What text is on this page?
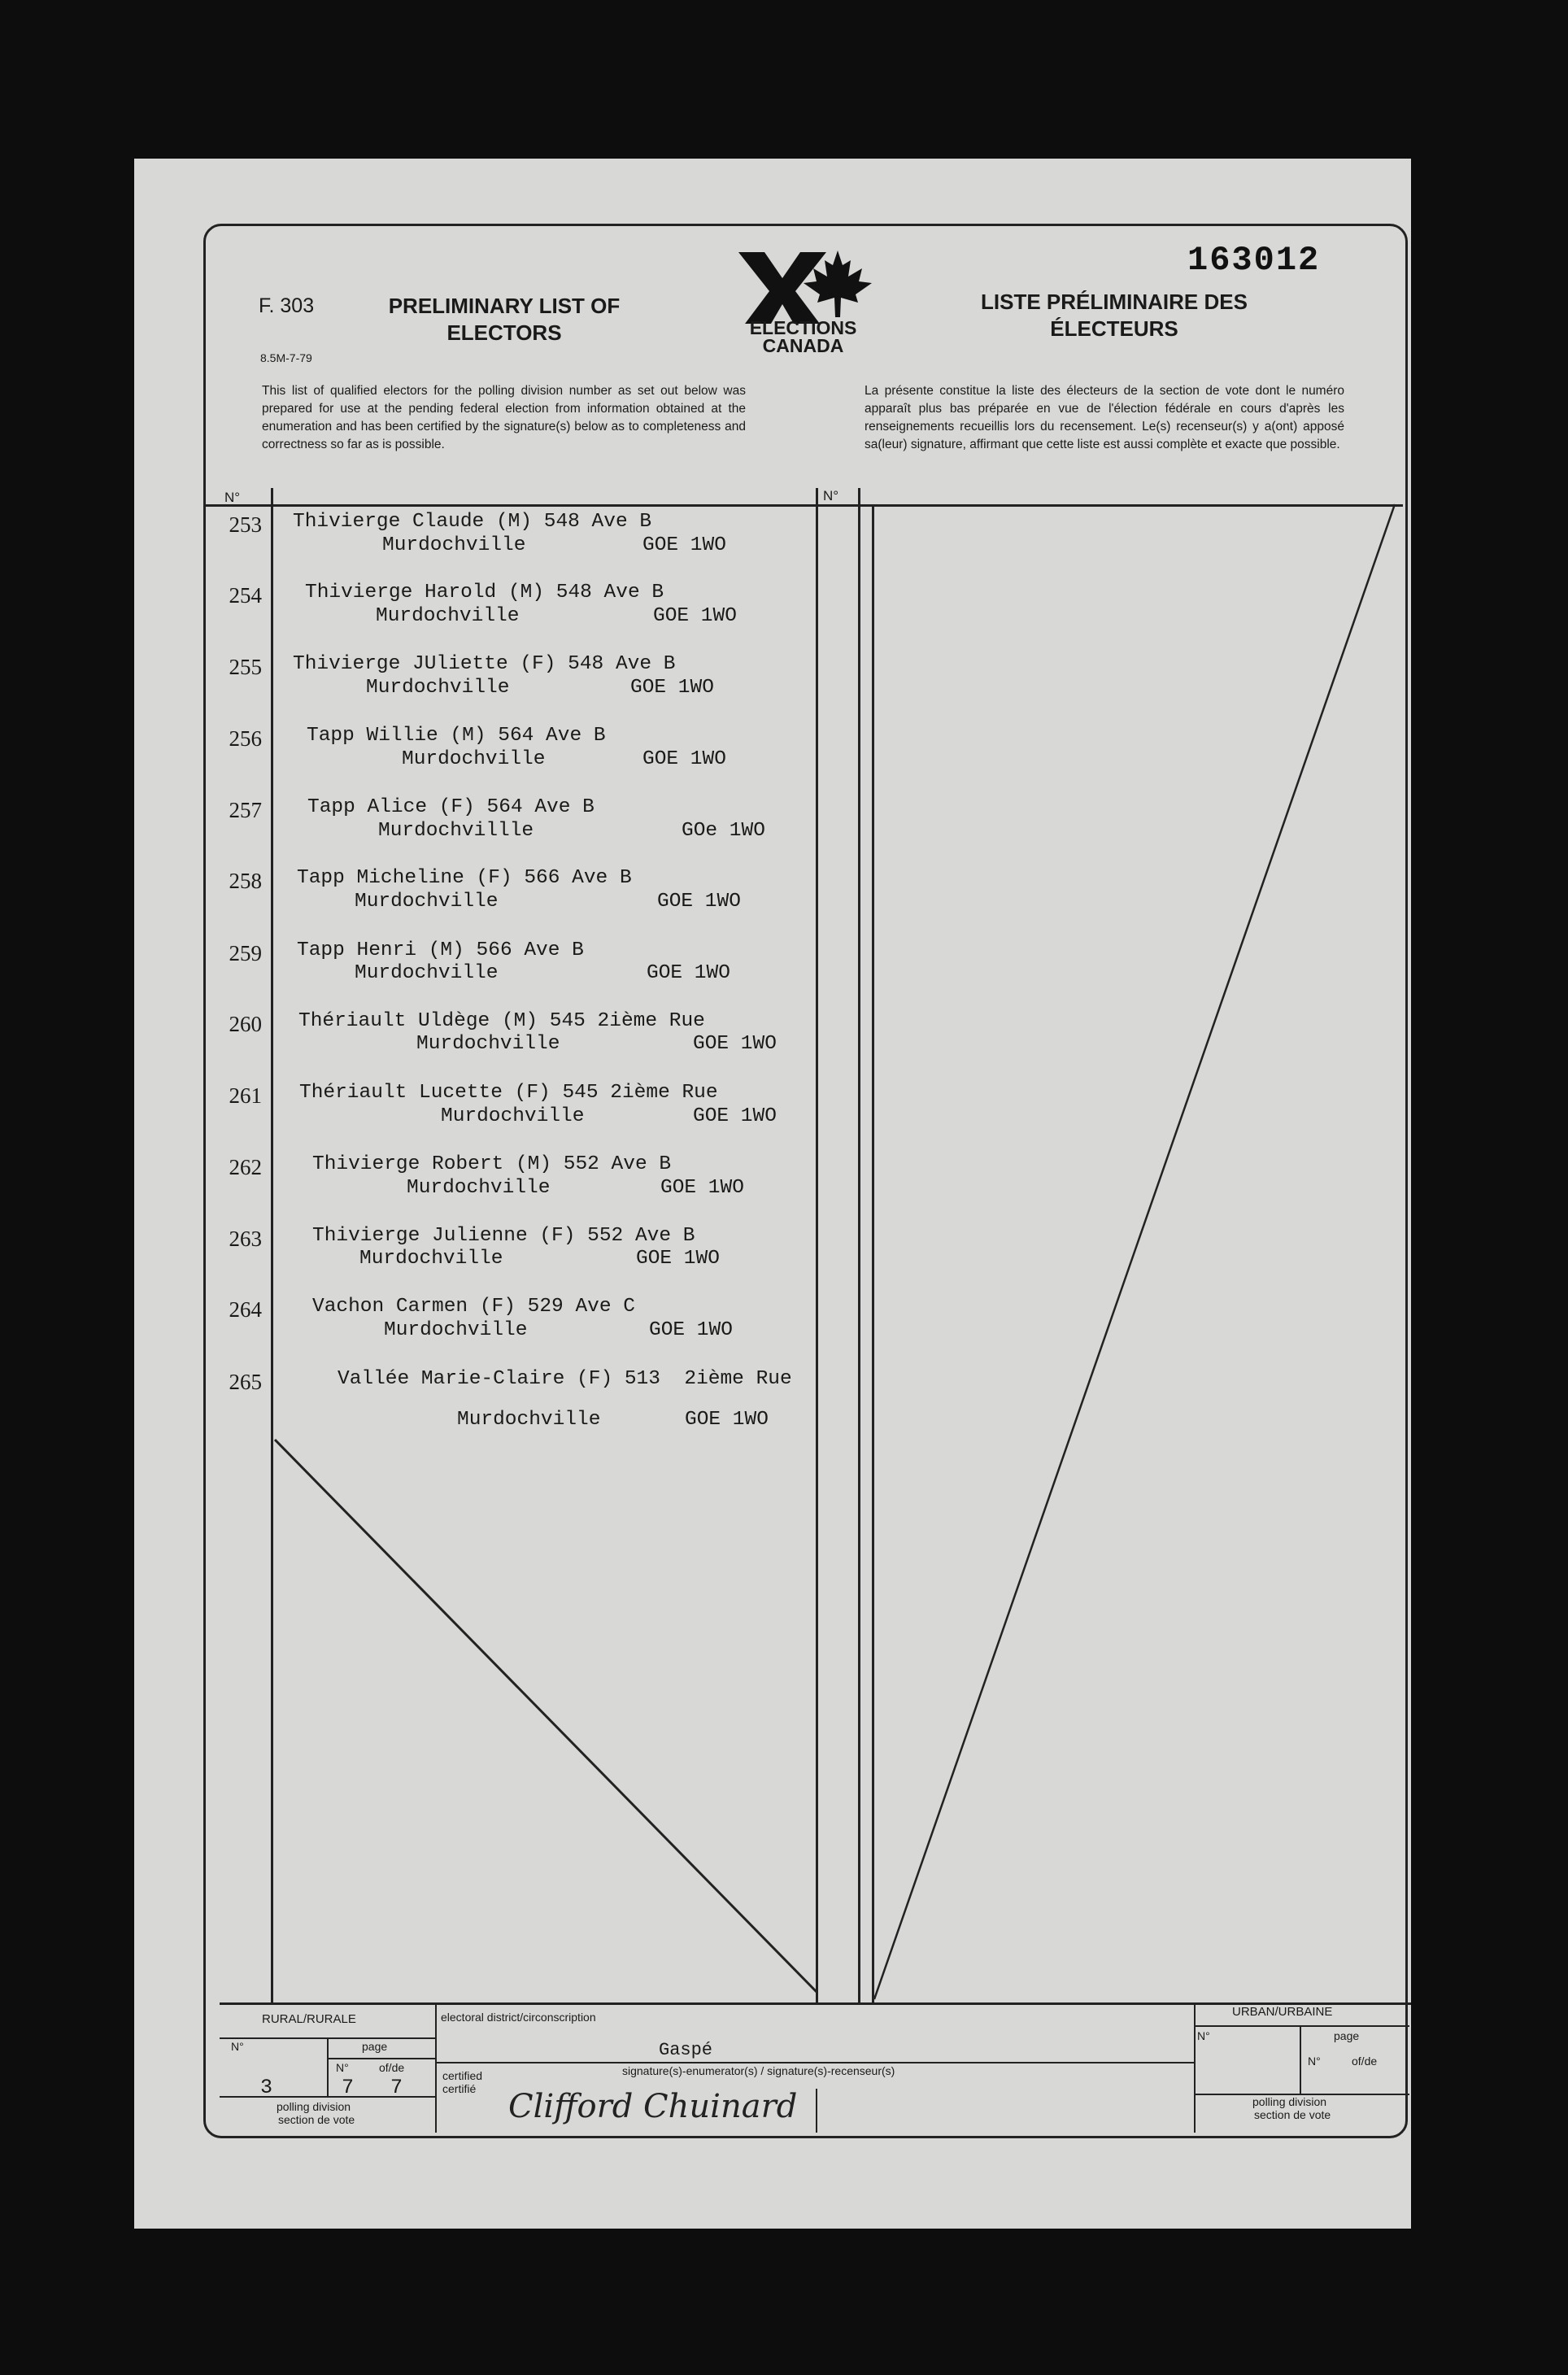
163012
F. 303	PRELIMINARY LIST OF ELECTORS
LISTE PRÉLIMINAIRE DES ÉLECTEURS
8.5M-7-79
ELECTIONS CANADA
This list of qualified electors for the polling division number as set out below was prepared for use at the pending federal election from information obtained at the enumeration and has been certified by the signature(s) below as to completeness and correctness so far as is possible.
La présente constitue la liste des électeurs de la section de vote dont le numéro apparaît plus bas préparée en vue de l'élection fédérale en cours d'après les renseignements recueillis lors du recensement. Le(s) recenseur(s) y a(ont) apposé sa(leur) signature, affirmant que cette liste est aussi complète et exacte que possible.
N°	N°
253 Thivierge Claude (M) 548 Ave B
Murdochville	GOE 1WO
254 Thivierge Harold (M) 548 Ave B
Murdochville	GOE 1WO
255 Thivierge JUliette (F) 548 Ave B
Murdochville	GOE 1WO
256 Tapp Willie (M) 564 Ave B
Murdochville	GOE 1WO
257 Tapp Alice (F) 564 Ave B
Murdochvillle	GOe 1WO
258 Tapp Micheline (F) 566 Ave B
Murdochville	GOE 1WO
259 Tapp Henri (M) 566 Ave B
Murdochville	GOE 1WO
260 Thériault Uldège (M) 545 2ième Rue
Murdochville	GOE 1WO
261 Thériault Lucette (F) 545 2ième Rue
Murdochville	GOE 1WO
262	Thivierge Robert (M) 552 Ave B
Murdochville	GOE 1WO
263	Thivierge Julienne (F) 552 Ave B
Murdochville	GOE 1WO
264	Vachon Carmen (F) 529 Ave C
Murdochville	GOE 1WO
265	Vallée Marie-Claire (F) 513  2ième Rue
Murdochville	GOE 1WO
RURAL/RURALE
N°	page
N°	of/de
3	7 7
polling division
section de vote
electoral district/circonscription
Gaspé
signature(s)-enumerator(s) / signature(s)-recenseur(s)
certified
certifié Clifford Chuinard
URBAN/URBAINE
N°	page
N°	of/de
polling division
section de vote
